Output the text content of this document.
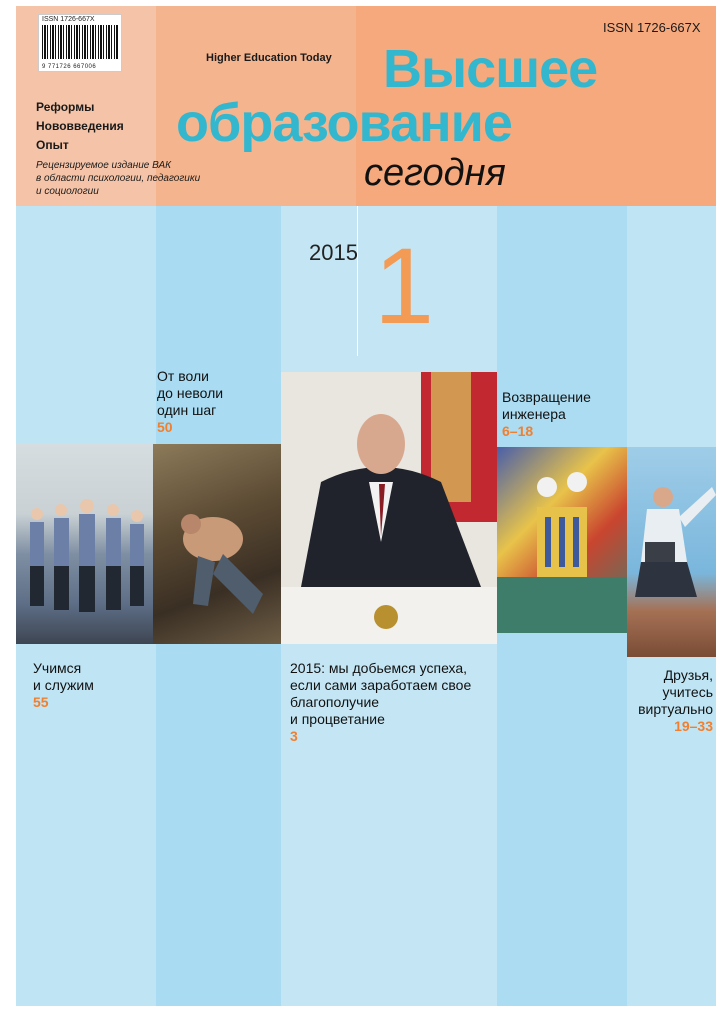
ISSN 1726-667X
9 771726 667006

ISSN 1726-667X

Higher Education Today

Реформы

Нововведения

Опыт

Рецензируемое издание ВАК

в области психологии, педагогики

и социологии

Высшее

образование

сегодня

2015 1

От воли
до неволи
один шаг
50
Возвращение
инженера
6–18
Учимся
и служим
55
2015: мы добьемся успеха,
если сами заработаем свое
благополучие
и процветание
3
Друзья,
учитесь
виртуально
19–33
